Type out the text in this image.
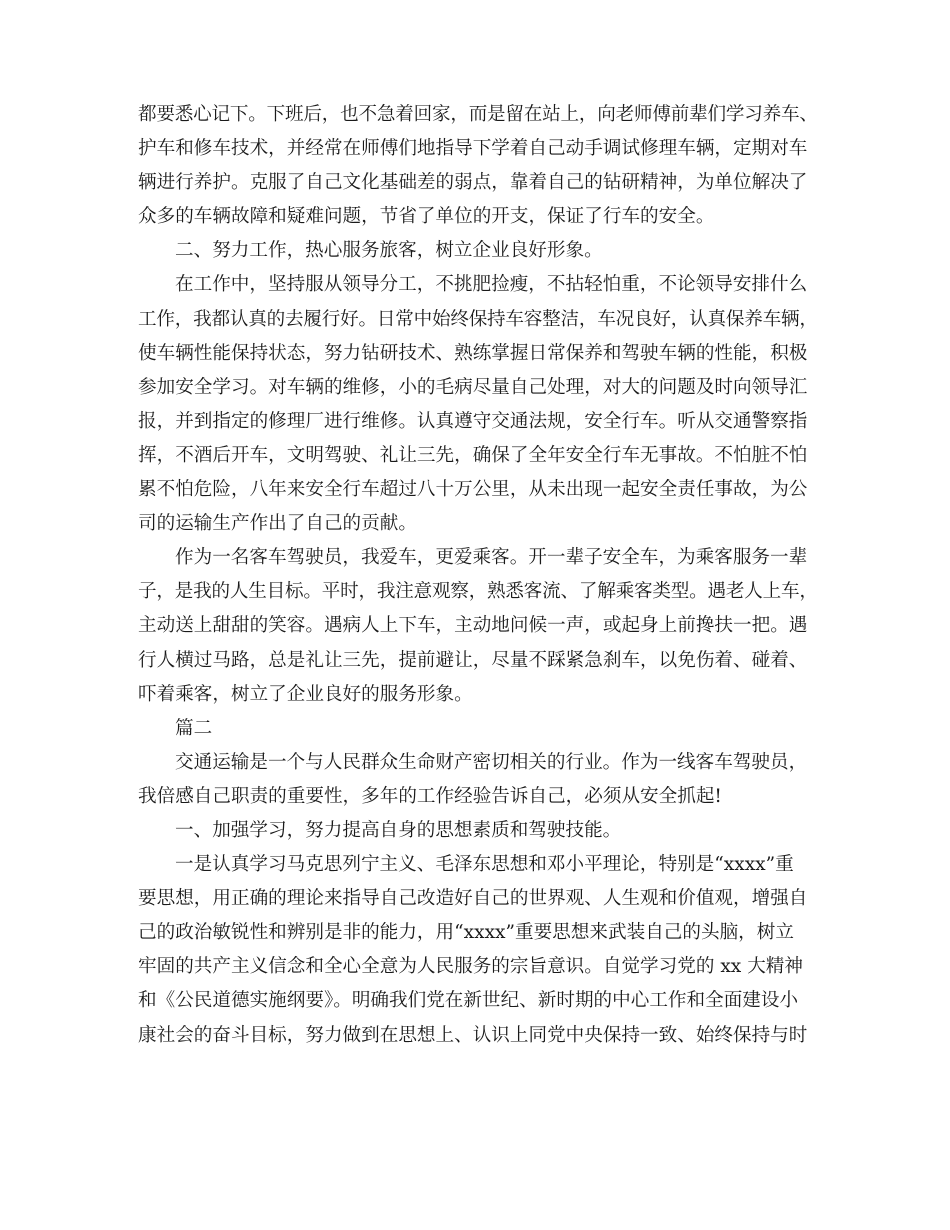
都要悉心记下。下班后，也不急着回家，而是留在站上，向老师傅前辈们学习养车、
护车和修车技术，并经常在师傅们地指导下学着自己动手调试修理车辆，定期对车
辆进行养护。克服了自己文化基础差的弱点，靠着自己的钻研精神，为单位解决了
众多的车辆故障和疑难问题，节省了单位的开支，保证了行车的安全。
二、努力工作，热心服务旅客，树立企业良好形象。
在工作中，坚持服从领导分工，不挑肥捡瘦，不拈轻怕重，不论领导安排什么
工作，我都认真的去履行好。日常中始终保持车容整洁，车况良好，认真保养车辆，
使车辆性能保持状态，努力钻研技术、熟练掌握日常保养和驾驶车辆的性能，积极
参加安全学习。对车辆的维修，小的毛病尽量自己处理，对大的问题及时向领导汇
报，并到指定的修理厂进行维修。认真遵守交通法规，安全行车。听从交通警察指
挥，不酒后开车，文明驾驶、礼让三先，确保了全年安全行车无事故。不怕脏不怕
累不怕危险，八年来安全行车超过八十万公里，从未出现一起安全责任事故，为公
司的运输生产作出了自己的贡献。
作为一名客车驾驶员，我爱车，更爱乘客。开一辈子安全车，为乘客服务一辈
子，是我的人生目标。平时，我注意观察，熟悉客流、了解乘客类型。遇老人上车，
主动送上甜甜的笑容。遇病人上下车，主动地问候一声，或起身上前搀扶一把。遇
行人横过马路，总是礼让三先，提前避让，尽量不踩紧急刹车，以免伤着、碰着、
吓着乘客，树立了企业良好的服务形象。
篇二
交通运输是一个与人民群众生命财产密切相关的行业。作为一线客车驾驶员，
我倍感自己职责的重要性，多年的工作经验告诉自己，必须从安全抓起!
一、加强学习，努力提高自身的思想素质和驾驶技能。
一是认真学习马克思列宁主义、毛泽东思想和邓小平理论，特别是“xxxx”重
要思想，用正确的理论来指导自己改造好自己的世界观、人生观和价值观，增强自
己的政治敏锐性和辨别是非的能力，用“xxxx”重要思想来武装自己的头脑，树立
牢固的共产主义信念和全心全意为人民服务的宗旨意识。自觉学习党的 xx 大精神
和《公民道德实施纲要》。明确我们党在新世纪、新时期的中心工作和全面建设小
康社会的奋斗目标，努力做到在思想上、认识上同党中央保持一致、始终保持与时
